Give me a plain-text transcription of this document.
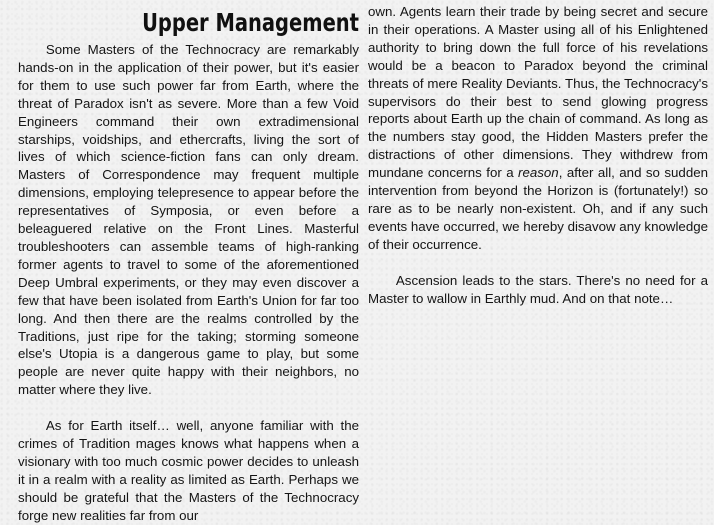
Upper Management

Some Masters of the Technocracy are remarkably hands-on in the application of their power, but it's easier for them to use such power far from Earth, where the threat of Paradox isn't as severe. More than a few Void Engineers command their own extradimensional starships, voidships, and ethercrafts, living the sort of lives of which science-fiction fans can only dream. Masters of Correspondence may frequent multiple dimensions, employing telepresence to appear before the representatives of Symposia, or even before a beleaguered relative on the Front Lines. Masterful troubleshooters can assemble teams of high-ranking former agents to travel to some of the aforementioned Deep Umbral experiments, or they may even discover a few that have been isolated from Earth's Union for far too long. And then there are the realms controlled by the Traditions, just ripe for the taking; storming someone else's Utopia is a dangerous game to play, but some people are never quite happy with their neighbors, no matter where they live.

As for Earth itself… well, anyone familiar with the crimes of Tradition mages knows what happens when a visionary with too much cosmic power decides to unleash it in a realm with a reality as limited as Earth. Perhaps we should be grateful that the Masters of the Technocracy forge new realities far from our

own. Agents learn their trade by being secret and secure in their operations. A Master using all of his Enlightened authority to bring down the full force of his revelations would be a beacon to Paradox beyond the criminal threats of mere Reality Deviants. Thus, the Technocracy's supervisors do their best to send glowing progress reports about Earth up the chain of command. As long as the numbers stay good, the Hidden Masters prefer the distractions of other dimensions. They withdrew from mundane concerns for a reason, after all, and so sudden intervention from beyond the Horizon is (fortunately!) so rare as to be nearly non-existent. Oh, and if any such events have occurred, we hereby disavow any knowledge of their occurrence.

Ascension leads to the stars. There's no need for a Master to wallow in Earthly mud. And on that note…
